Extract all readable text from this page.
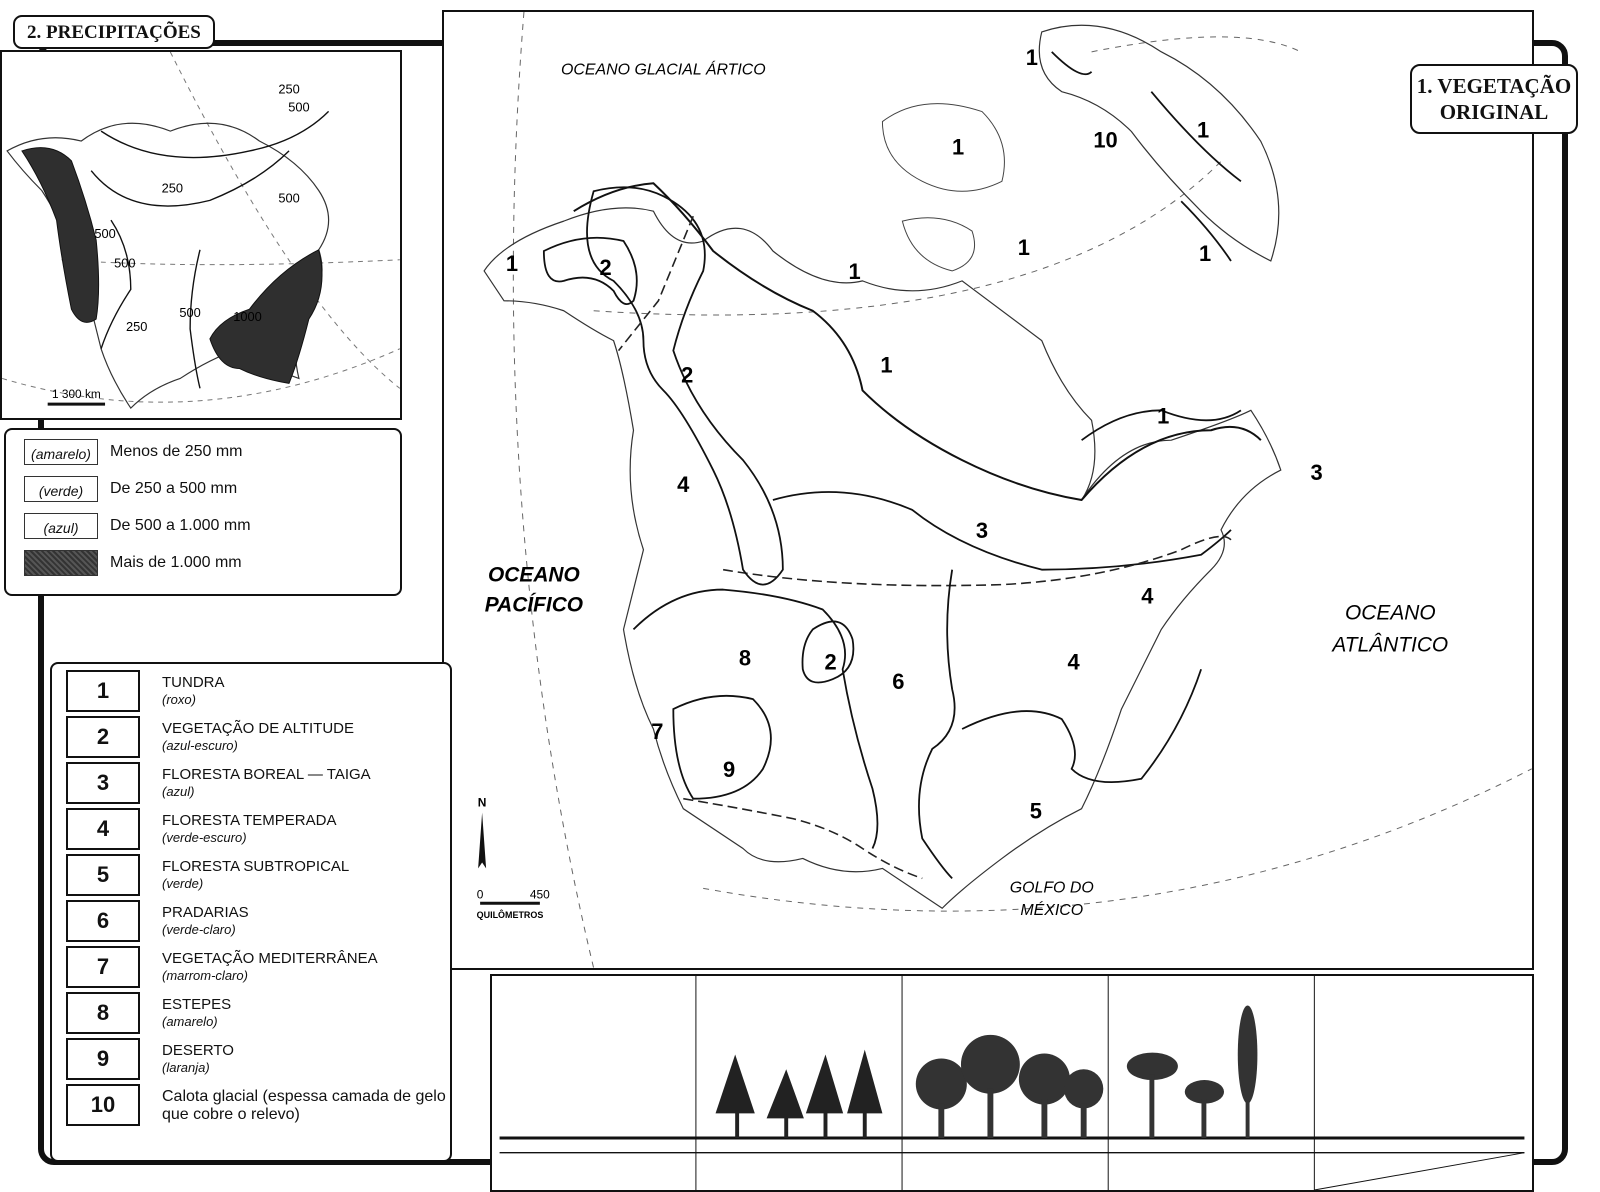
OCEANO GLACIAL ÁRTICO
OCEANO
PACÍFICO	OCEANO
ATLÂNTICO
GOLFO DO
MÉXICO
1
1
1
1	1
1
1
1
1
10
2
2
2
3
3
4
4
4
5
6
7
8
9
N
0	450
QUILÔMETROS
1. VEGETAÇÃO
ORIGINAL
250
500
250
500
500
250
500
500
1000
1 300 km
2. PRECIPITAÇÕES
(amarelo)	Menos de 250 mm
(verde)	De 250 a 500 mm
(azul)	De 500 a 1.000 mm
Mais de 1.000 mm
1	TUNDRA
(roxo)
2	VEGETAÇÃO DE ALTITUDE
(azul-escuro)
3	FLORESTA BOREAL — TAIGA
(azul)
4	FLORESTA TEMPERADA
(verde-escuro)
5	FLORESTA SUBTROPICAL
(verde)
6	PRADARIAS
(verde-claro)
7	VEGETAÇÃO MEDITERRÂNEA
(marrom-claro)
8	ESTEPES
(amarelo)
9	DESERTO
(laranja)
10	Calota glacial (espessa camada de gelo que cobre o relevo)
